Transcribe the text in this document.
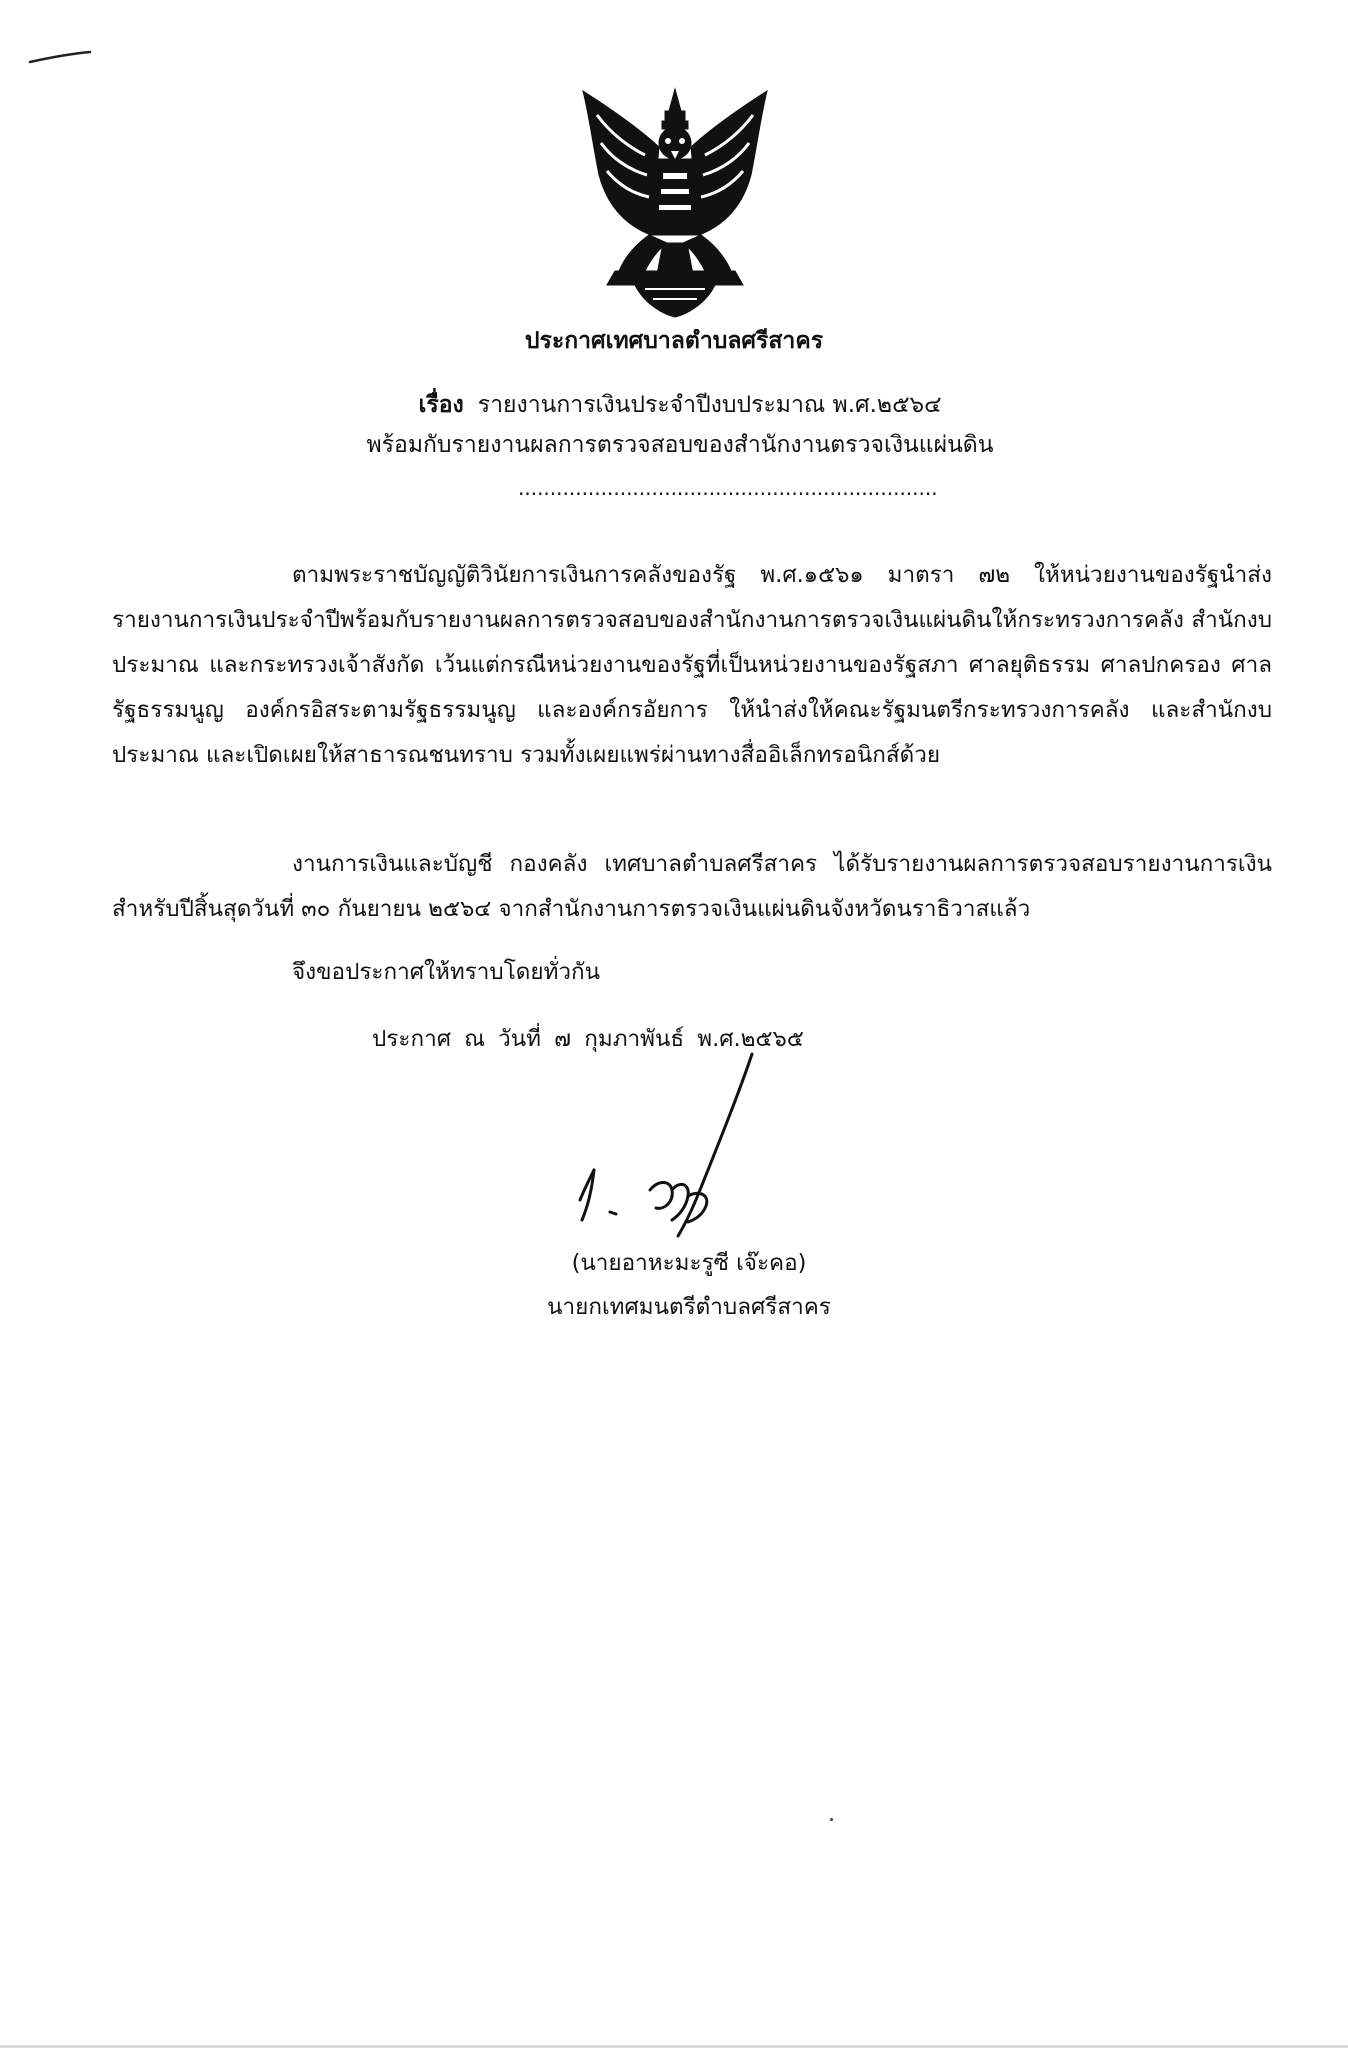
ประกาศเทศบาลตำบลศรีสาคร
เรื่อง รายงานการเงินประจำปีงบประมาณ พ.ศ.๒๕๖๔
พร้อมกับรายงานผลการตรวจสอบของสำนักงานตรวจเงินแผ่นดิน
..................................................................
ตามพระราชบัญญัติวินัยการเงินการคลังของรัฐ พ.ศ.๑๕๖๑ มาตรา ๗๒ ให้หน่วยงานของรัฐนำส่งรายงานการเงินประจำปีพร้อมกับรายงานผลการตรวจสอบของสำนักงานการตรวจเงินแผ่นดินให้กระทรวงการคลัง สำนักงบประมาณ และกระทรวงเจ้าสังกัด เว้นแต่กรณีหน่วยงานของรัฐที่เป็นหน่วยงานของรัฐสภา ศาลยุติธรรม ศาลปกครอง ศาลรัฐธรรมนูญ องค์กรอิสระตามรัฐธรรมนูญ และองค์กรอัยการ ให้นำส่งให้คณะรัฐมนตรีกระทรวงการคลัง และสำนักงบประมาณ และเปิดเผยให้สาธารณชนทราบ รวมทั้งเผยแพร่ผ่านทางสื่ออิเล็กทรอนิกส์ด้วย
งานการเงินและบัญชี กองคลัง เทศบาลตำบลศรีสาคร ได้รับรายงานผลการตรวจสอบรายงานการเงินสำหรับปีสิ้นสุดวันที่ ๓๐ กันยายน ๒๕๖๔ จากสำนักงานการตรวจเงินแผ่นดินจังหวัดนราธิวาสแล้ว
จึงขอประกาศให้ทราบโดยทั่วกัน
ประกาศ ณ วันที่ ๗ กุมภาพันธ์ พ.ศ.๒๕๖๕
(นายอาหะมะรูซี เจ๊ะคอ)
นายกเทศมนตรีตำบลศรีสาคร
